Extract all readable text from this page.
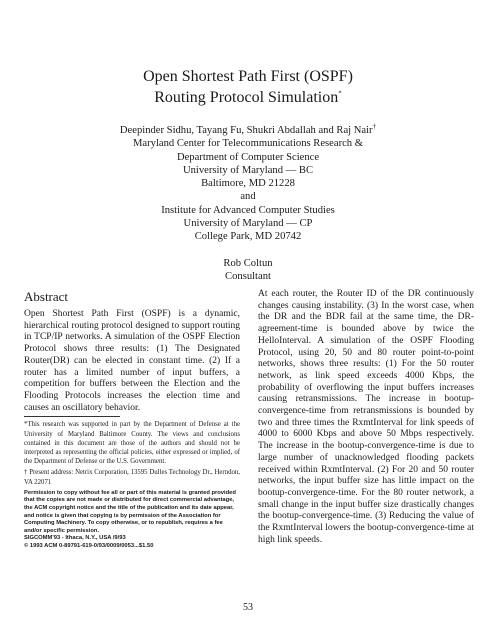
Open Shortest Path First (OSPF)
Routing Protocol Simulation*
Deepinder Sidhu, Tayang Fu, Shukri Abdallah and Raj Nair†
Maryland Center for Telecommunications Research &
Department of Computer Science
University of Maryland — BC
Baltimore, MD 21228
and
Institute for Advanced Computer Studies
University of Maryland — CP
College Park, MD 20742
Rob Coltun
Consultant
Abstract

Open Shortest Path First (OSPF) is a dynamic, hierarchical routing protocol designed to support routing in TCP/IP networks. A simulation of the OSPF Election Protocol shows three results: (1) The Designated Router(DR) can be elected in constant time. (2) If a router has a limited number of input buffers, a competition for buffers between the Election and the Flooding Protocols increases the election time and causes an oscillatory behavior.

*This research was supported in part by the Department of Defense at the University of Maryland Baltimore County. The views and conclusions contained in this document are those of the authors and should not be interpreted as representing the official policies, either expressed or implied, of the Department of Defense or the U.S. Government.

† Present address: Netrix Corporation, 13595 Dulles Technology Dr., Herndon, VA 22071

Permission to copy without fee all or part of this material is granted provided that the copies are not made or distributed for direct commercial advantage, the ACM copyright notice and the title of the publication and its date appear, and notice is given that copying is by permission of the Association for Computing Machinery. To copy otherwise, or to republish, requires a fee and/or specific permission.

SIGCOMM'93 - Ithaca, N.Y., USA /9/93

© 1993 ACM 0-89791-619-0/93/0009/0053...$1.50

At each router, the Router ID of the DR continuously changes causing instability. (3) In the worst case, when the DR and the BDR fail at the same time, the DR-agreement-time is bounded above by twice the HelloInterval. A simulation of the OSPF Flooding Protocol, using 20, 50 and 80 router point-to-point networks, shows three results: (1) For the 50 router network, as link speed exceeds 4000 Kbps, the probability of overflowing the input buffers increases causing retransmissions. The increase in bootup-convergence-time from retransmissions is bounded by two and three times the RxmtInterval for link speeds of 4000 to 6000 Kbps and above 50 Mbps respectively. The increase in the bootup-convergence-time is due to large number of unacknowledged flooding packets received within RxmtInterval. (2) For 20 and 50 router networks, the input buffer size has little impact on the bootup-convergence-time. For the 80 router network, a small change in the input buffer size drastically changes the bootup-convergence-time. (3) Reducing the value of the RxmtInterval lowers the bootup-convergence-time at high link speeds.

53
